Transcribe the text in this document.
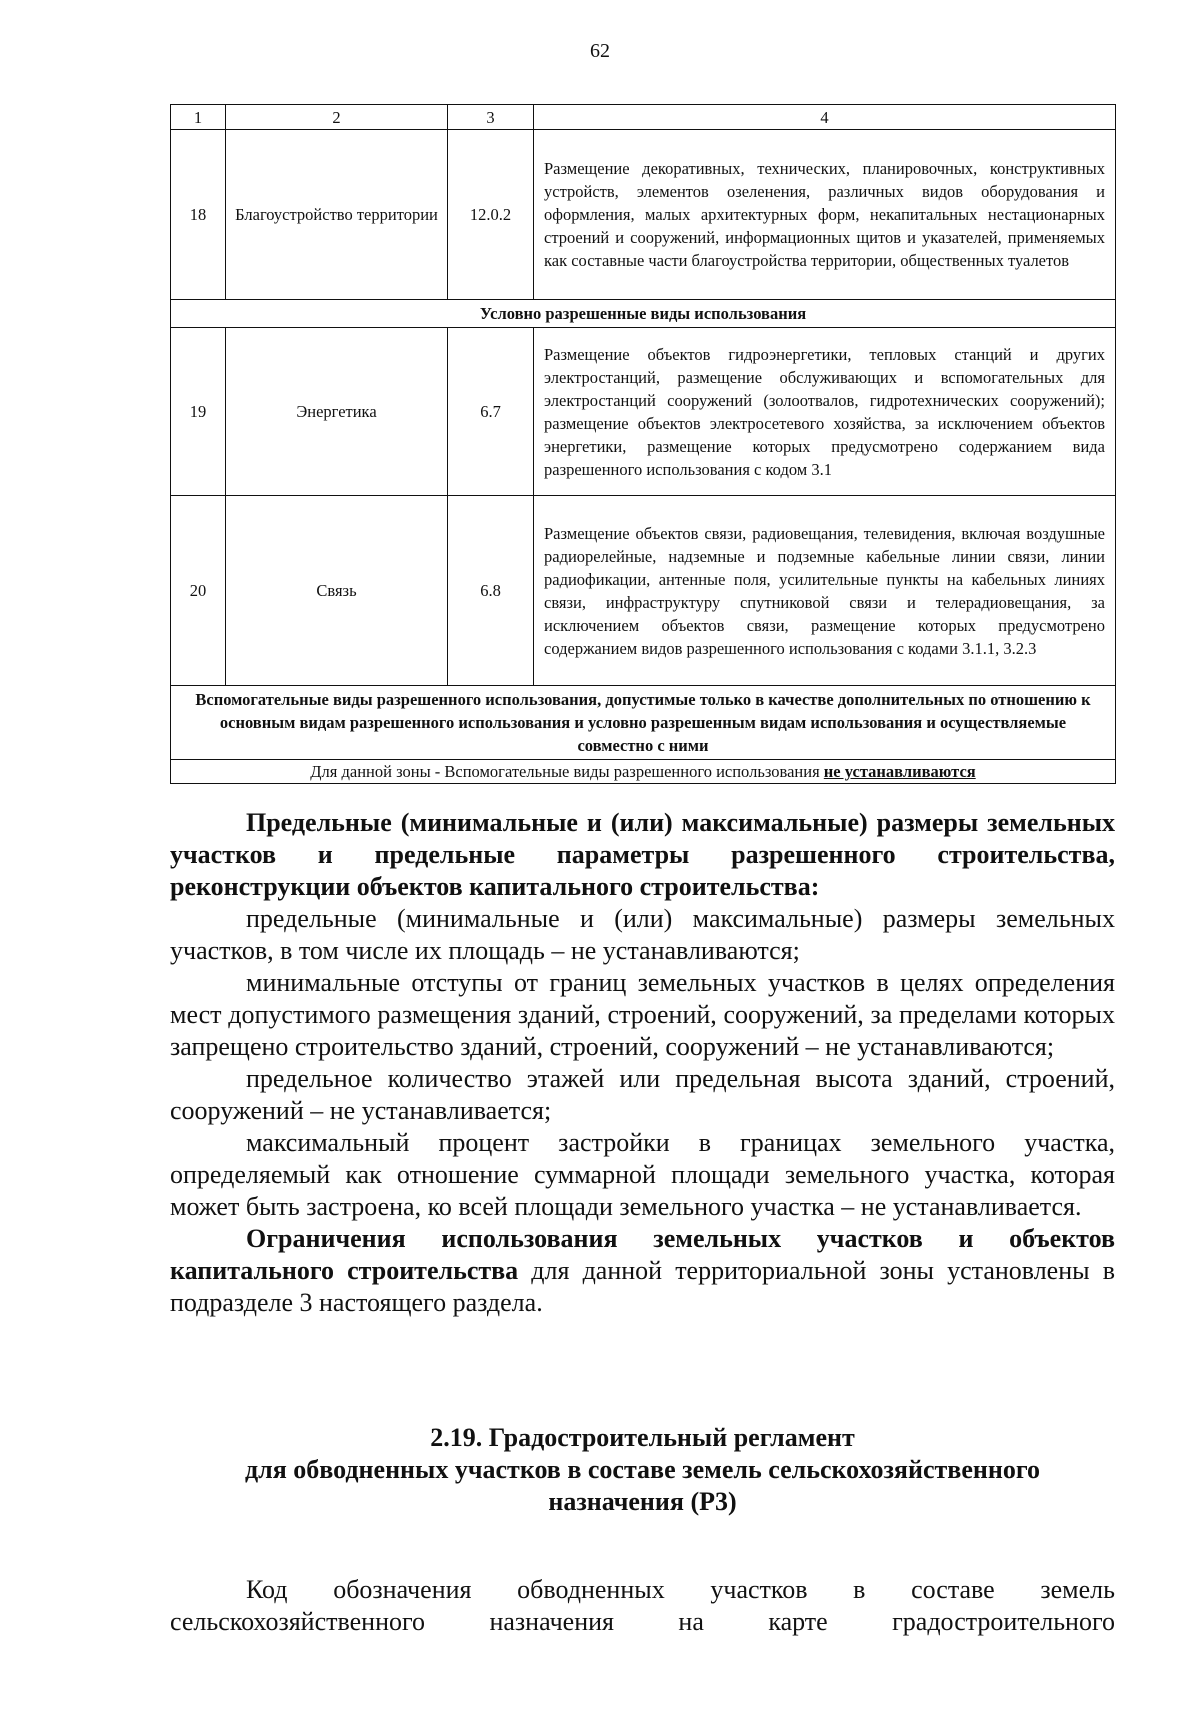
62
1	2	3	4
18	Благоустройство территории	12.0.2	Размещение декоративных, технических, планировочных, конструктивных устройств, элементов озеленения, различных видов оборудования и оформления, малых архитектурных форм, некапитальных нестационарных строений и сооружений, информационных щитов и указателей, применяемых как составные части благоустройства территории, общественных туалетов
Условно разрешенные виды использования			
19	Энергетика	6.7	Размещение объектов гидроэнергетики, тепловых станций и других электростанций, размещение обслуживающих и вспомогательных для электростанций сооружений (золоотвалов, гидротехнических сооружений); размещение объектов электросетевого хозяйства, за исключением объектов энергетики, размещение которых предусмотрено содержанием вида разрешенного использования с кодом 3.1
20	Связь	6.8	Размещение объектов связи, радиовещания, телевидения, включая воздушные радиорелейные, надземные и подземные кабельные линии связи, линии радиофикации, антенные поля, усилительные пункты на кабельных линиях связи, инфраструктуру спутниковой связи и телерадиовещания, за исключением объектов связи, размещение которых предусмотрено содержанием видов разрешенного использования с кодами 3.1.1, 3.2.3
Вспомогательные виды разрешенного использования, допустимые только в качестве дополнительных по отношению к основным видам разрешенного использования и условно разрешенным видам использования и осуществляемые совместно с ними			
Для данной зоны - Вспомогательные виды разрешенного использования не устанавливаются			

Предельные (минимальные и (или) максимальные) размеры земельных участков и предельные параметры разрешенного строительства, реконструкции объектов капитального строительства:

предельные (минимальные и (или) максимальные) размеры земельных участков, в том числе их площадь – не устанавливаются;

минимальные отступы от границ земельных участков в целях определения мест допустимого размещения зданий, строений, сооружений, за пределами которых запрещено строительство зданий, строений, сооружений – не устанавливаются;

предельное количество этажей или предельная высота зданий, строений, сооружений – не устанавливается;

максимальный процент застройки в границах земельного участка, определяемый как отношение суммарной площади земельного участка, которая может быть застроена, ко всей площади земельного участка – не устанавливается.

Ограничения использования земельных участков и объектов капитального строительства для данной территориальной зоны установлены в подразделе 3 настоящего раздела.

2.19. Градостроительный регламент
для обводненных участков в составе земель сельскохозяйственного
назначения (Р3)

Код обозначения обводненных участков в составе земель сельскохозяйственного назначения на карте градостроительного
